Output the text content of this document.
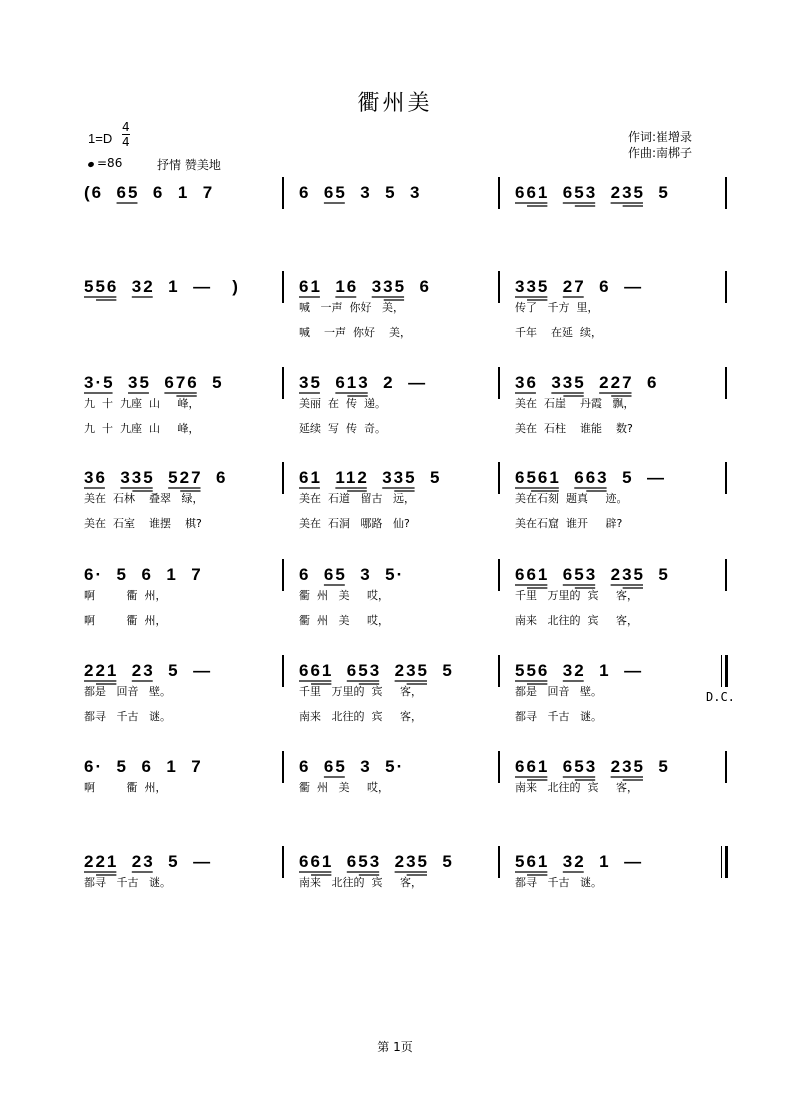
衢州美
$1=D \frac{4}{4}$
=86	抒情 赞美地
作词:崔增录
作曲:南梆子
(6  65  6  1  7	6  65  3  5  3	661  653  235  5
556  32  1  —   )	61  16  335  6
喊   一声  你好   美，
喊    一声  你好    美，
335  27  6  —
传了   千方  里，
千年    在延  续，
3·5  35  676  5
九  十  九座  山     峰，
九  十  九座  山     峰，
35  613  2  —
美丽  在  传  递。
延续  写  传  奇。
36  335  227  6
美在  石崖    丹霞   飘，
美在  石柱    谁能    数?
36  335  527  6
美在  石林    叠翠   绿，
美在  石室    谁摆    棋?
61  112  335  5
美在  石道   留古   远，
美在  石洞   哪路   仙?
6561  663  5  —
美在石刻  题真     迹。
美在石窟  谁开     辟?
6·  5  6  1  7
啊         衢  州，
啊         衢  州，
6  65  3  5·
衢  州   美     哎，
衢  州   美     哎，
661  653  235  5
千里   万里的  宾     客，
南来   北往的  宾     客，
221  23  5  —
都是   回音   壁。
都寻   千古   谜。
661  653  235  5
千里   万里的  宾     客，
南来   北往的  宾     客，
556  32  1  —
都是   回音   壁。
都寻   千古   谜。
6·  5  6  1  7
啊         衢  州，
6  65  3  5·
衢  州   美     哎，
661  653  235  5
南来   北往的  宾     客，
221  23  5  —
都寻   千古   谜。
661  653  235  5
南来   北往的  宾     客，
561  32  1  —
都寻   千古   谜。
D.C.
第 1页
